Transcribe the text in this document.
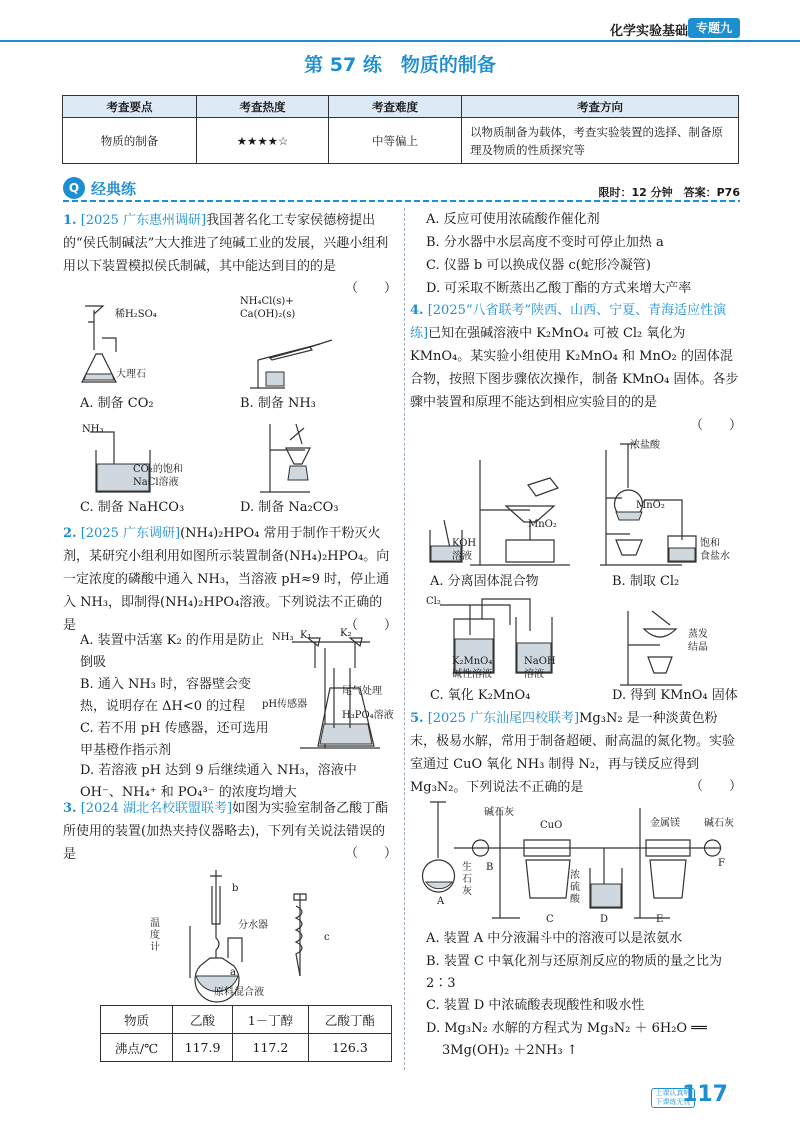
化学实验基础 专题九
第 57 练　物质的制备
考查要点	考查热度	考查难度	考查方向
物质的制备	★★★★☆	中等偏上	以物质制备为载体，考查实验装置的选择、制备原理及物质的性质探究等
Q 经典练	限时：12 分钟　答案：P76
1. [2025 广东惠州调研]我国著名化工专家侯德榜提出的“侯氏制碱法”大大推进了纯碱工业的发展，兴趣小组利用以下装置模拟侯氏制碱，其中能达到目的的是
（　　）
稀H₂SO₄
大理石
NH₄Cl(s)+
Ca(OH)₂(s)
A. 制备 CO₂	B. 制备 NH₃
NH₃
CO₂的饱和
NaCl溶液
C. 制备 NaHCO₃	D. 制备 Na₂CO₃
2. [2025 广东调研](NH₄)₂HPO₄ 常用于制作干粉灭火剂，某研究小组利用如图所示装置制备(NH₄)₂HPO₄。向一定浓度的磷酸中通入 NH₃，当溶液 pH≈9 时，停止通入 NH₃，即制得(NH₄)₂HPO₄溶液。下列说法不正确的是	（　　）
A. 装置中活塞 K₂ 的作用是防止倒吸
B. 通入 NH₃ 时，容器壁会变热，说明存在 ΔH<0 的过程
C. 若不用 pH 传感器，还可选用甲基橙作指示剂
D. 若溶液 pH 达到 9 后继续通入 NH₃，溶液中 OH⁻、NH₄⁺ 和 PO₄³⁻ 的浓度均增大
NH₃ K₁	K₂
尾气处理
pH传感器
H₃PO₄溶液
3. [2024 湖北名校联盟联考]如图为实验室制备乙酸丁酯所使用的装置(加热夹持仪器略去)，下列有关说法错误的是	（　　）
b
温度计
分水器
a
原料混合液
c
物质	乙酸	1－丁醇	乙酸丁酯
沸点/℃	117.9	117.2	126.3
A. 反应可使用浓硫酸作催化剂
B. 分水器中水层高度不变时可停止加热 a
C. 仪器 b 可以换成仪器 c(蛇形冷凝管)
D. 可采取不断蒸出乙酸丁酯的方式来增大产率
4. [2025“八省联考”陕西、山西、宁夏、青海适应性演练]已知在强碱溶液中 K₂MnO₄ 可被 Cl₂ 氧化为 KMnO₄。某实验小组使用 K₂MnO₄ 和 MnO₂ 的固体混合物，按照下图步骤依次操作，制备 KMnO₄ 固体。各步骤中装置和原理不能达到相应实验目的的是
（　　）
浓盐酸
MnO₂
MnO₂
KOH
溶液
饱和
食盐水
A. 分离固体混合物	B. 制取 Cl₂
Cl₂
K₂MnO₄
碱性溶液
NaOH
溶液
蒸发
结晶
C. 氧化 K₂MnO₄	D. 得到 KMnO₄ 固体
5. [2025 广东汕尾四校联考]Mg₃N₂ 是一种淡黄色粉末，极易水解，常用于制备超硬、耐高温的氮化物。实验室通过 CuO 氧化 NH₃ 制得 N₂，再与镁反应得到 Mg₃N₂。下列说法不正确的是	（　　）
碱石灰
CuO	金属镁 碱石灰
B
生石灰
浓硫酸
F
A
C	D	E
A. 装置 A 中分液漏斗中的溶液可以是浓氨水
B. 装置 C 中氧化剂与还原剂反应的物质的量之比为 2∶3
C. 装置 D 中浓硫酸表现酸性和吸水性
D. Mg₃N₂ 水解的方程式为 Mg₃N₂ ＋ 6H₂O ══
3Mg(OH)₂ ＋2NH₃ ↑
上课认真听 下课练无忧
117
